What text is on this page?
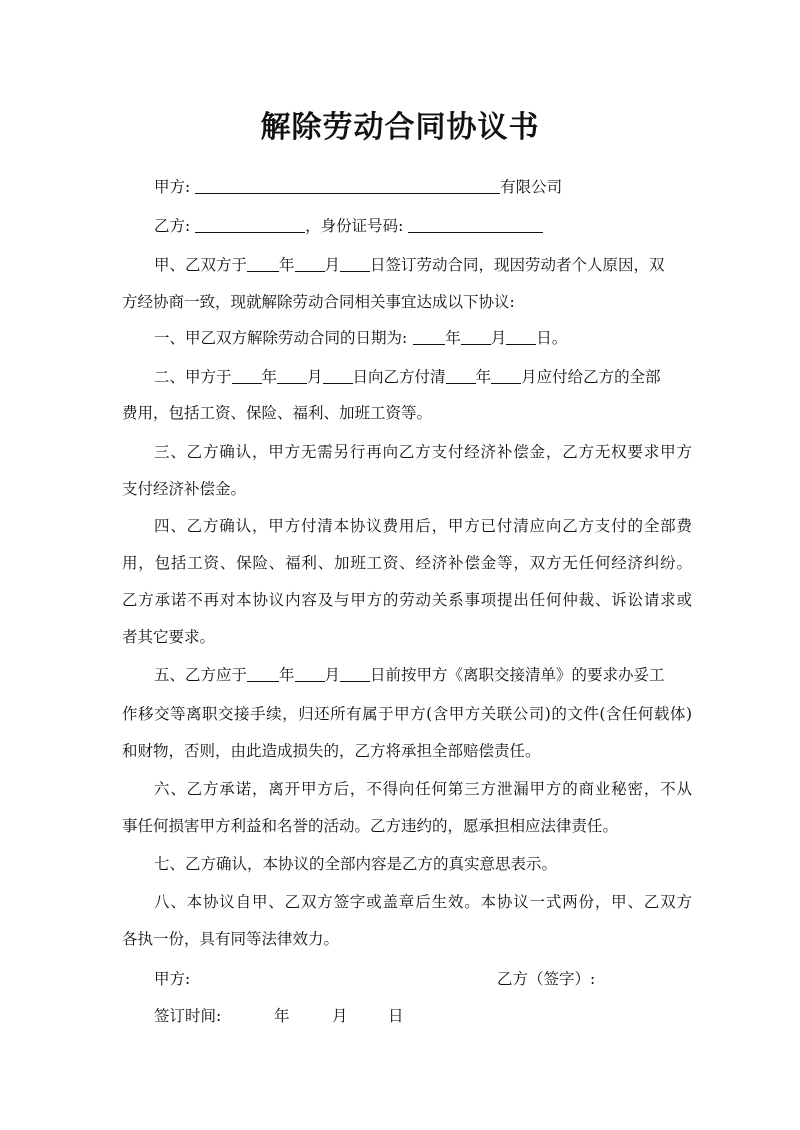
解除劳动合同协议书
甲方:	有限公司
乙方:	，身份证号码:
甲、乙双方于 年 月 日签订劳动合同，现因劳动者个人原因，双
方经协商一致，现就解除劳动合同相关事宜达成以下协议:
一、甲乙双方解除劳动合同的日期为: 年 月 日。
二、甲方于 年 月 日向乙方付清 年 月应付给乙方的全部
费用，包括工资、保险、福利、加班工资等。
三、乙方确认，甲方无需另行再向乙方支付经济补偿金，乙方无权要求甲方
支付经济补偿金。
四、乙方确认，甲方付清本协议费用后，甲方已付清应向乙方支付的全部费
用，包括工资、保险、福利、加班工资、经济补偿金等，双方无任何经济纠纷。
乙方承诺不再对本协议内容及与甲方的劳动关系事项提出任何仲裁、诉讼请求或
者其它要求。
五、乙方应于 年 月 日前按甲方《离职交接清单》的要求办妥工
作移交等离职交接手续，归还所有属于甲方(含甲方关联公司)的文件(含任何载体)
和财物，否则，由此造成损失的，乙方将承担全部赔偿责任。
六、乙方承诺，离开甲方后，不得向任何第三方泄漏甲方的商业秘密，不从
事任何损害甲方利益和名誉的活动。乙方违约的，愿承担相应法律责任。
七、乙方确认，本协议的全部内容是乙方的真实意思表示。
八、本协议自甲、乙双方签字或盖章后生效。本协议一式两份，甲、乙双方
各执一份，具有同等法律效力。
甲方:	乙方（签字）:
签订时间:	年	月	日
